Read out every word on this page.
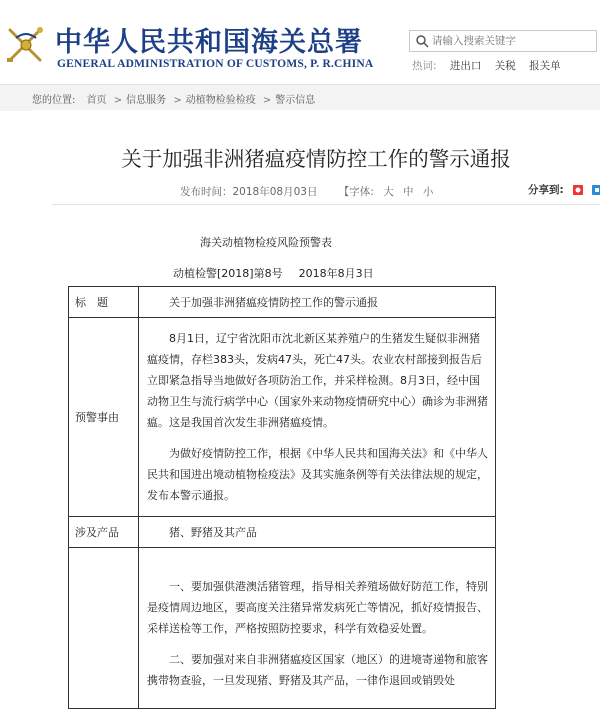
中华人民共和国海关总署
GENERAL ADMINISTRATION OF CUSTOMS, P. R.CHINA
请输入搜索关键字	热词: 进出口 关税 报关单
您的位置: 首页 > 信息服务 > 动植物检验检疫 > 警示信息
关于加强非洲猪瘟疫情防控工作的警示通报
发布时间：2018年08月03日 【字体: 大 中 小	分享到:
海关动植物检疫风险预警表
动植检警[2018]第8号 2018年8月3日
标　题	关于加强非洲猪瘟疫情防控工作的警示通报

预警事由	8月1日，辽宁省沈阳市沈北新区某养殖户的生猪发生疑似非洲猪瘟疫情，存栏383头，发病47头，死亡47头。农业农村部接到报告后立即紧急指导当地做好各项防治工作，并采样检测。8月3日，经中国动物卫生与流行病学中心（国家外来动物疫情研究中心）确诊为非洲猪瘟。这是我国首次发生非洲猪瘟疫情。

为做好疫情防控工作，根据《中华人民共和国海关法》和《中华人民共和国进出境动植物检疫法》及其实施条例等有关法律法规的规定，发布本警示通报。

涉及产品	猪、野猪及其产品

	一、要加强供港澳活猪管理，指导相关养殖场做好防范工作，特别是疫情周边地区，要高度关注猪异常发病死亡等情况，抓好疫情报告、采样送检等工作，严格按照防控要求，科学有效稳妥处置。

二、要加强对来自非洲猪瘟疫区国家（地区）的进境寄递物和旅客携带物查验，一旦发现猪、野猪及其产品，一律作退回或销毁处
